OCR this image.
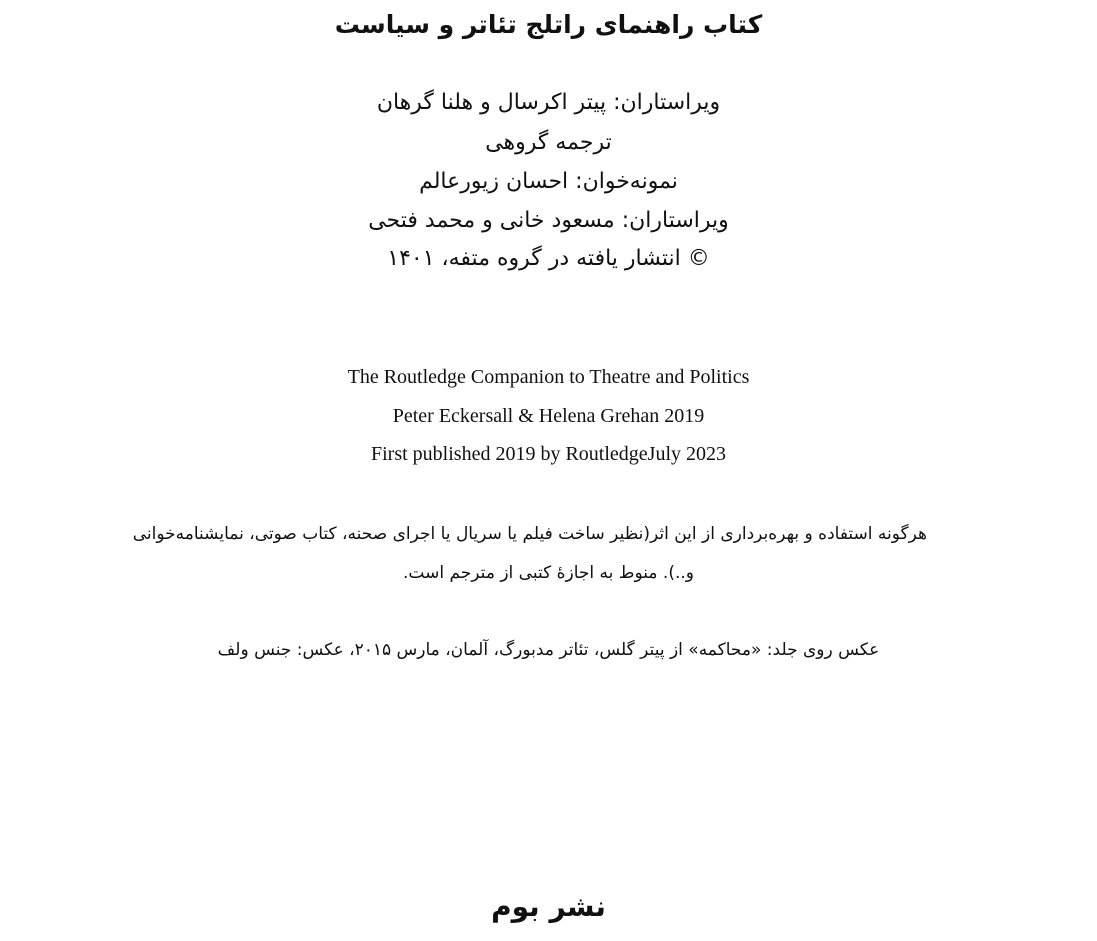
کتاب راهنمای راتلج تئاتر و سیاست
ویراستاران: پیتر اکرسال و هلنا گرهان
ترجمه گروهی
نمونه‌خوان: احسان زیورعالم
ویراستاران: مسعود خانی و محمد فتحی
© انتشار یافته در گروه متفه، ۱۴۰۱
The Routledge Companion to Theatre and Politics
Peter Eckersall & Helena Grehan 2019
First published 2019 by RoutledgeJuly 2023
هرگونه استفاده و بهره‌برداری از این اثر(نظیر ساخت فیلم یا سریال یا اجرای صحنه، کتاب صوتی، نمایشنامه‌خوانی
و..). منوط به اجازۀ کتبی از مترجم است.
عکس روی جلد: «محاکمه» از پیتر گلس، تئاتر مدبورگ، آلمان، مارس ۲۰۱۵، عکس: جنس ولف
نشر بوم
